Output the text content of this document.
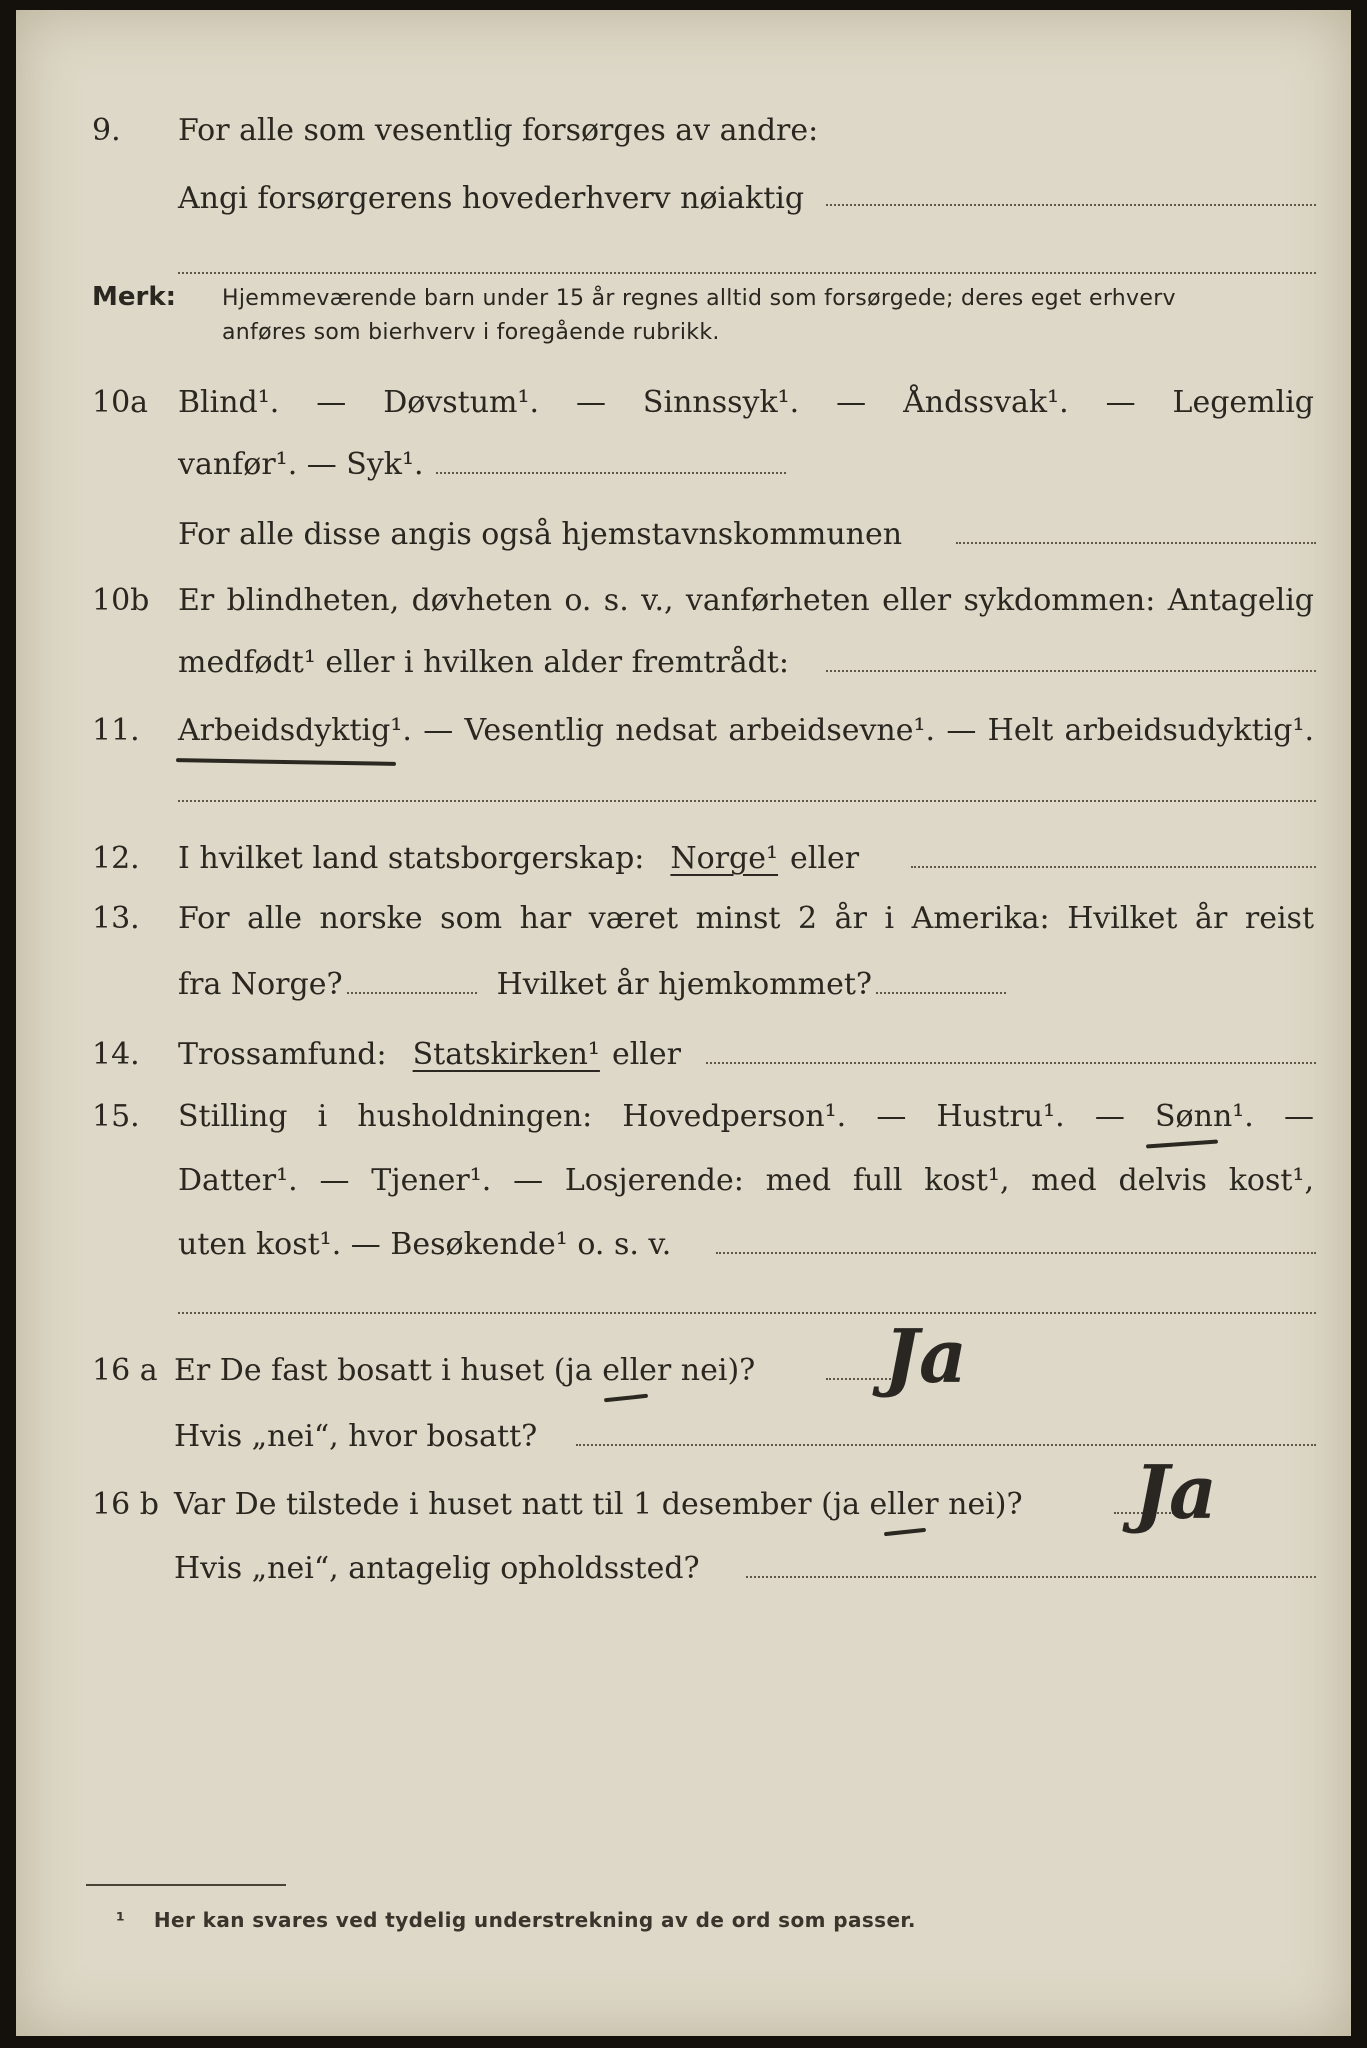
9. For alle som vesentlig forsørges av andre:
Angi forsørgerens hovederhverv nøiaktig
Merk: Hjemmeværende barn under 15 år regnes alltid som forsørgede; deres eget erhverv
anføres som bierhverv i foregående rubrikk.
10a Blind¹. — Døvstum¹. — Sinnssyk¹. — Åndssvak¹. — Legemlig
vanfør¹. — Syk¹.
For alle disse angis også hjemstavnskommunen
10b Er blindheten, døvheten o. s. v., vanførheten eller sykdommen: Antagelig
medfødt¹ eller i hvilken alder fremtrådt:
11. Arbeidsdyktig¹. — Vesentlig nedsat arbeidsevne¹. — Helt arbeidsudyktig¹.
12. I hvilket land statsborgerskap: Norge¹ eller
13. For alle norske som har været minst 2 år i Amerika: Hvilket år reist
fra Norge?	Hvilket år hjemkommet?
14. Trossamfund: Statskirken¹ eller
15. Stilling i husholdningen: Hovedperson¹. — Hustru¹. — Sønn¹. —
Datter¹. — Tjener¹. — Losjerende: med full kost¹, med delvis kost¹,
uten kost¹. — Besøkende¹ o. s. v.
16 a Er De fast bosatt i huset (ja eller nei)? Ja
Hvis „nei“, hvor bosatt?
16 b Var De tilstede i huset natt til 1 desember (ja eller nei)? Ja
Hvis „nei“, antagelig opholdssted?
¹ Her kan svares ved tydelig understrekning av de ord som passer.
